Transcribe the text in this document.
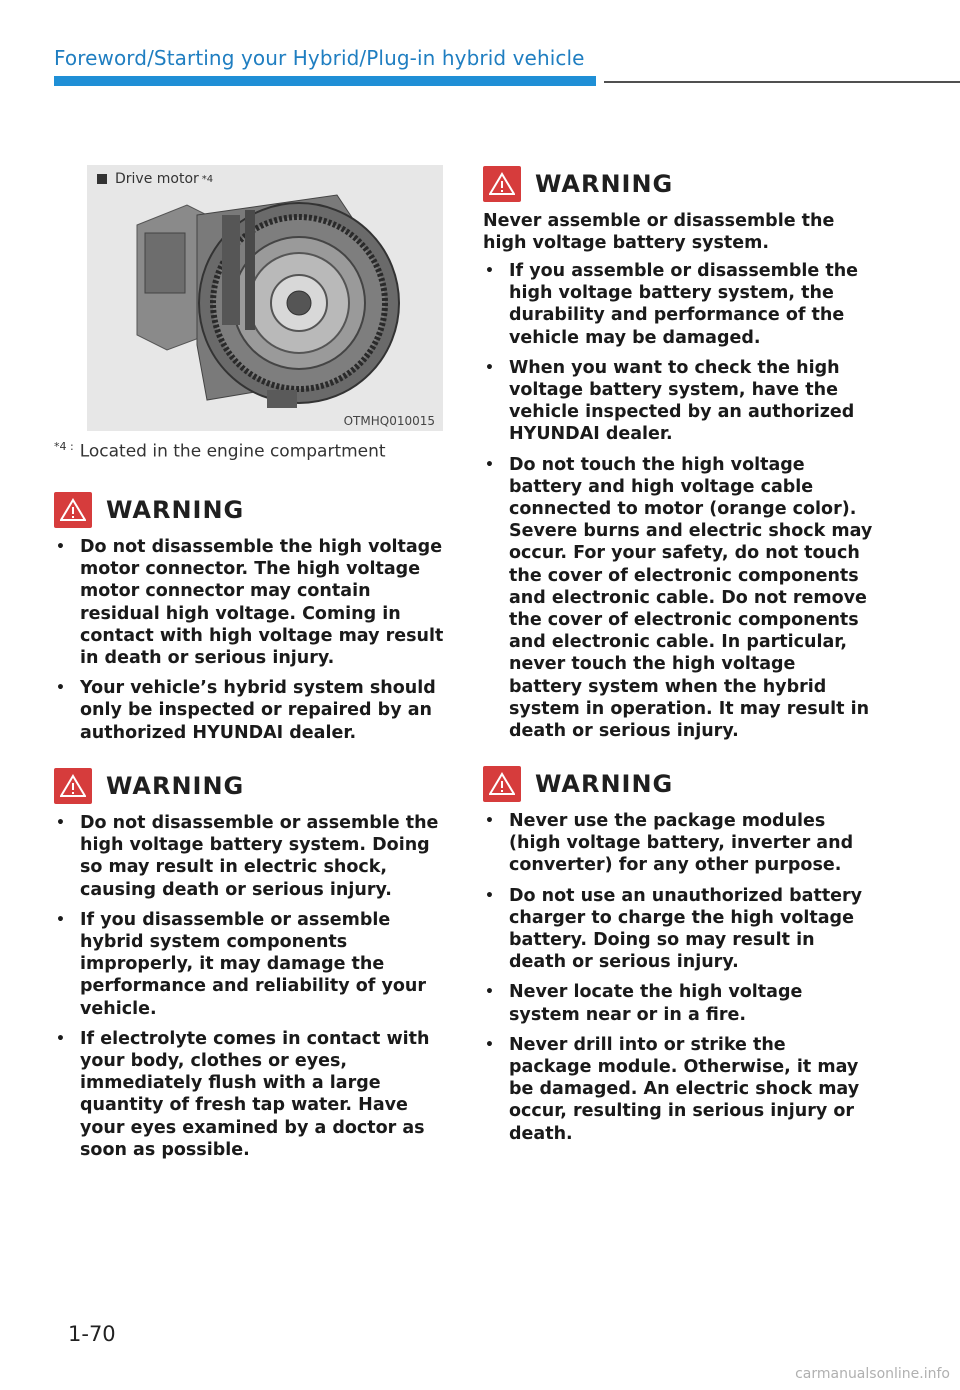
Foreword/Starting your Hybrid/Plug-in hybrid vehicle
Drive motor *4
OTMHQ010015
$^{*4 :}$ Located in the engine compartment
WARNING
• Do not disassemble the high voltage motor connector. The high voltage motor connector may contain residual high voltage. Coming in contact with high voltage may result in death or serious injury.
• Your vehicle’s hybrid system should only be inspected or repaired by an authorized HYUNDAI dealer.
WARNING
• Do not disassemble or assemble the high voltage battery system. Doing so may result in electric shock, causing death or serious injury.
• If you disassemble or assemble hybrid system components improperly, it may damage the performance and reliability of your vehicle.
• If electrolyte comes in contact with your body, clothes or eyes, immediately flush with a large quantity of fresh tap water. Have your eyes examined by a doctor as soon as possible.
WARNING
Never assemble or disassemble the high voltage battery system.
• If you assemble or disassemble the high voltage battery system, the durability and performance of the vehicle may be damaged.
• When you want to check the high voltage battery system, have the vehicle inspected by an authorized HYUNDAI dealer.
• Do not touch the high voltage battery and high voltage cable connected to motor (orange color). Severe burns and electric shock may occur. For your safety, do not touch the cover of electronic components and electronic cable. Do not remove the cover of electronic components and electronic cable. In particular, never touch the high voltage battery system when the hybrid system in operation. It may result in death or serious injury.
WARNING
• Never use the package modules (high voltage battery, inverter and converter) for any other purpose.
• Do not use an unauthorized battery charger to charge the high voltage battery. Doing so may result in death or serious injury.
• Never locate the high voltage system near or in a fire.
• Never drill into or strike the package module. Otherwise, it may be damaged. An electric shock may occur, resulting in serious injury or death.
1-70
carmanualsonline.info
